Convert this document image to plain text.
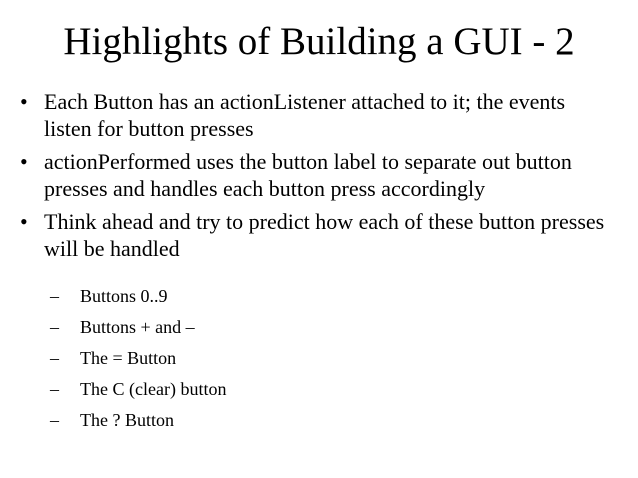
Highlights of Building a GUI - 2
• Each Button has an actionListener attached to it; the events listen for button presses
• actionPerformed uses the button label to separate out button presses and handles each button press accordingly
• Think ahead and try to predict how each of these button presses will be handled
– Buttons 0..9
– Buttons + and –
– The = Button
– The C (clear) button
– The ? Button
